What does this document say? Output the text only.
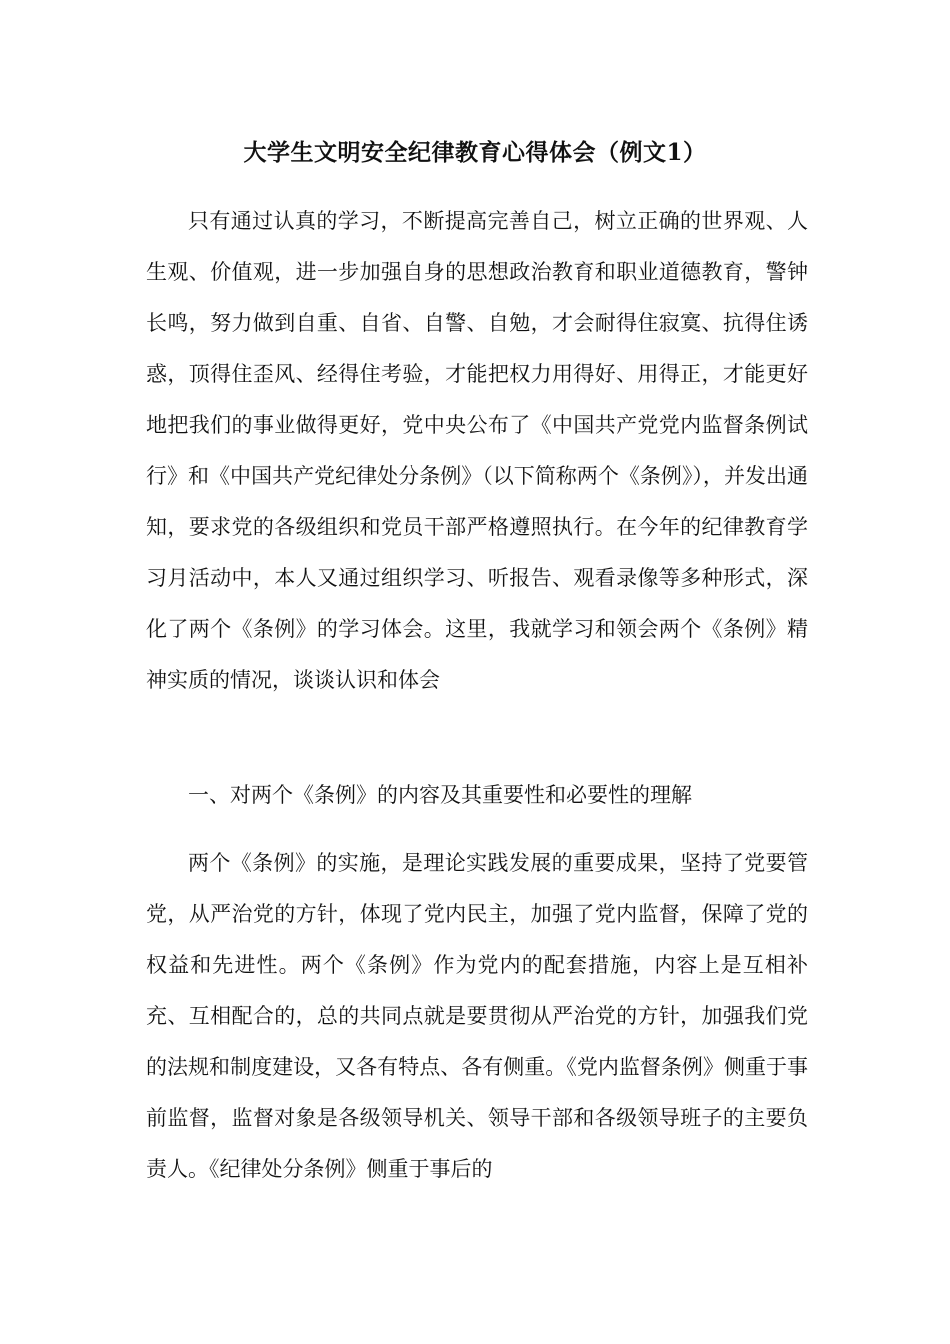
大学生文明安全纪律教育心得体会（例文1）

只有通过认真的学习，不断提高完善自己，树立正确的世界观、人生观、价值观，进一步加强自身的思想政治教育和职业道德教育，警钟长鸣，努力做到自重、自省、自警、自勉，才会耐得住寂寞、抗得住诱惑，顶得住歪风、经得住考验，才能把权力用得好、用得正，才能更好地把我们的事业做得更好，党中央公布了《中国共产党党内监督条例试行》和《中国共产党纪律处分条例》（以下简称两个《条例》），并发出通知，要求党的各级组织和党员干部严格遵照执行。在今年的纪律教育学习月活动中，本人又通过组织学习、听报告、观看录像等多种形式，深化了两个《条例》的学习体会。这里，我就学习和领会两个《条例》精神实质的情况，谈谈认识和体会

一、对两个《条例》的内容及其重要性和必要性的理解

两个《条例》的实施，是理论实践发展的重要成果，坚持了党要管党，从严治党的方针，体现了党内民主，加强了党内监督，保障了党的权益和先进性。两个《条例》作为党内的配套措施，内容上是互相补充、互相配合的，总的共同点就是要贯彻从严治党的方针，加强我们党的法规和制度建设，又各有特点、各有侧重。《党内监督条例》侧重于事前监督，监督对象是各级领导机关、领导干部和各级领导班子的主要负责人。《纪律处分条例》侧重于事后的
